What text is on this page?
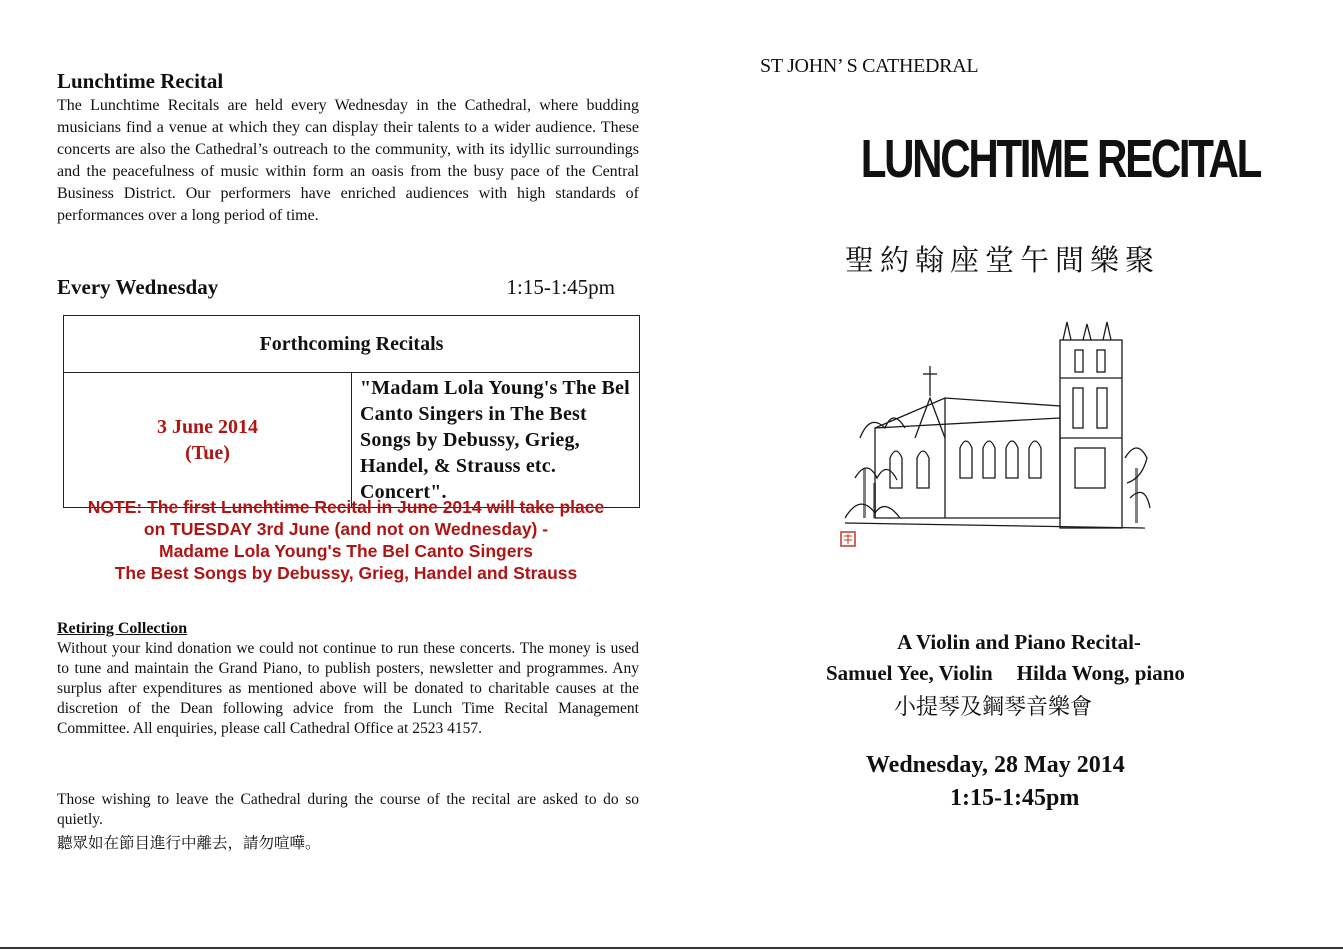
Lunchtime Recital
The Lunchtime Recitals are held every Wednesday in the Cathedral, where budding musicians find a venue at which they can display their talents to a wider audience. These concerts are also the Cathedral’s outreach to the community, with its idyllic surroundings and the peacefulness of music within form an oasis from the busy pace of the Central Business District. Our performers have enriched audiences with high standards of performances over a long period of time.
Every Wednesday	1:15-1:45pm
Forthcoming Recitals

3 June 2014
(Tue)
	"Madam Lola Young's The Bel Canto Singers in The Best Songs by Debussy, Grieg, Handel, & Strauss etc. Concert".
NOTE: The first Lunchtime Recital in June 2014 will take place
on TUESDAY 3rd June (and not on Wednesday) -
Madame Lola Young's The Bel Canto Singers
The Best Songs by Debussy, Grieg, Handel and Strauss
Retiring Collection
Without your kind donation we could not continue to run these concerts. The money is used to tune and maintain the Grand Piano, to publish posters, newsletter and programmes. Any surplus after expenditures as mentioned above will be donated to charitable causes at the discretion of the Dean following advice from the Lunch Time Recital Management Committee. All enquiries, please call Cathedral Office at 2523 4157.
Those wishing to leave the Cathedral during the course of the recital are asked to do so quietly.
聽眾如在節目進行中離去，請勿喧嘩。
ST JOHN’ S CATHEDRAL
LUNCHTIME RECITAL
聖約翰座堂午間樂聚
A Violin and Piano Recital-
Samuel Yee, Violin Hilda Wong, piano
小提琴及鋼琴音樂會
Wednesday, 28 May 2014
1:15-1:45pm
